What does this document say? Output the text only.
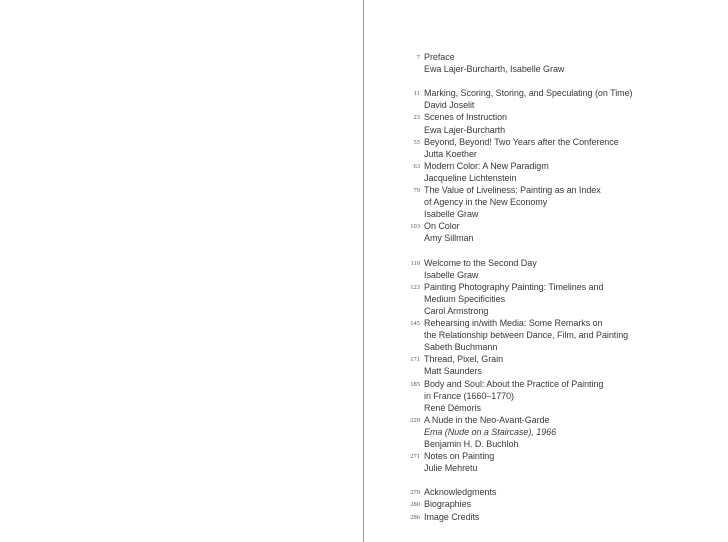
7 Preface
Ewa Lajer-Burcharth, Isabelle Graw
11 Marking, Scoring, Storing, and Speculating (on Time)
David Joselit
23 Scenes of Instruction
Ewa Lajer-Burcharth
55 Beyond, Beyond! Two Years after the Conference
Jutta Koether
63 Modern Color: A New Paradigm
Jacqueline Lichtenstein
79 The Value of Liveliness: Painting as an Index
of Agency in the New Economy
Isabelle Graw
103 On Color
Amy Sillman
119 Welcome to the Second Day
Isabelle Graw
123 Painting Photography Painting: Timelines and
Medium Specificities
Carol Armstrong
145 Rehearsing in/with Media: Some Remarks on
the Relationship between Dance, Film, and Painting
Sabeth Buchmann
171 Thread, Pixel, Grain
Matt Saunders
185 Body and Soul: About the Practice of Painting
in France (1660–1770)
René Démoris
229 A Nude in the Neo-Avant-Garde
Ema (Nude on a Staircase), 1966
Benjamin H. D. Buchloh
271 Notes on Painting
Julie Mehretu
279 Acknowledgments
280 Biographies
286 Image Credits
